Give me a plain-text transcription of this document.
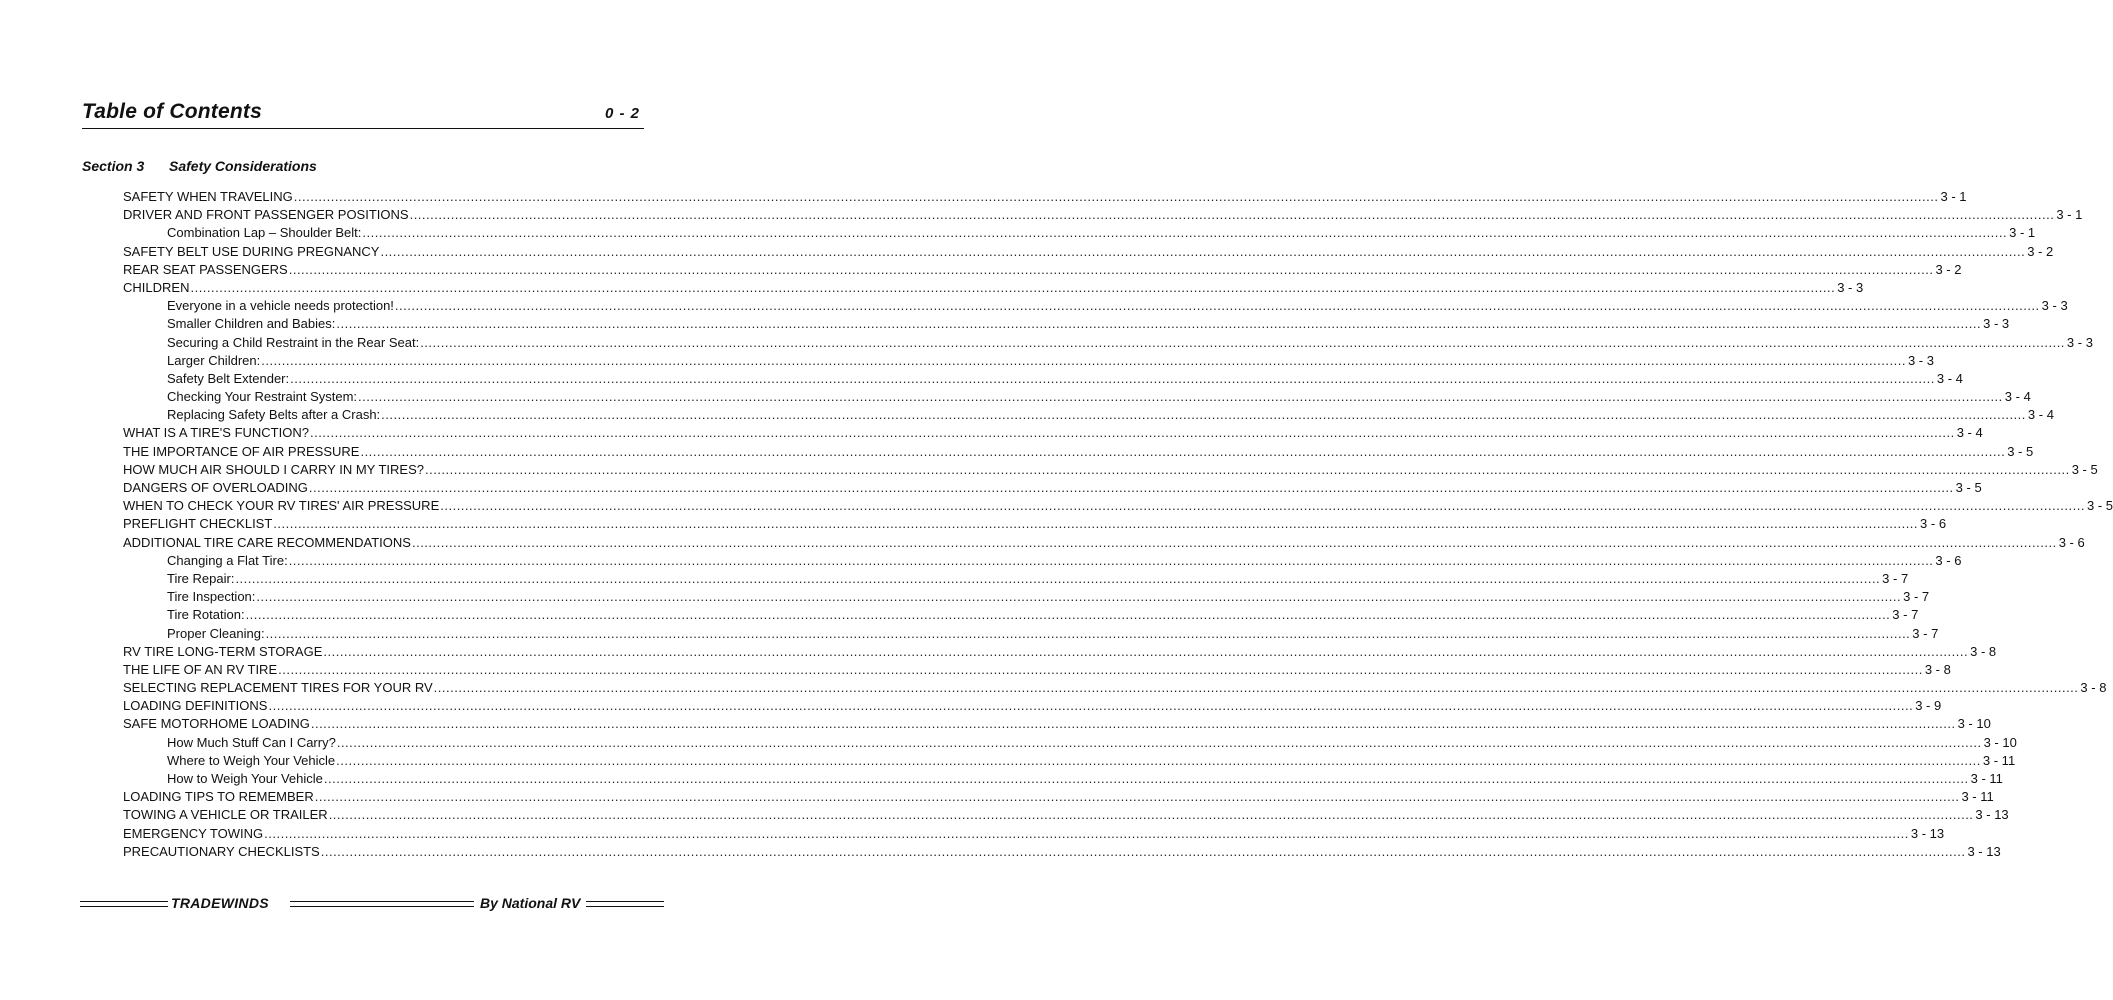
Table of Contents	0 - 2
Section 3 Safety Considerations
SAFETY WHEN TRAVELING ................................................................................................................................................................................................................................................................................................................................................................................................................ 3 - 1
DRIVER AND FRONT PASSENGER POSITIONS ................................................................................................................................................................................................................................................................................................................................................................................................................ 3 - 1
Combination Lap – Shoulder Belt: ................................................................................................................................................................................................................................................................................................................................................................................................................ 3 - 1
SAFETY BELT USE DURING PREGNANCY ................................................................................................................................................................................................................................................................................................................................................................................................................ 3 - 2
REAR SEAT PASSENGERS ................................................................................................................................................................................................................................................................................................................................................................................................................ 3 - 2
CHILDREN ................................................................................................................................................................................................................................................................................................................................................................................................................ 3 - 3
Everyone in a vehicle needs protection! ................................................................................................................................................................................................................................................................................................................................................................................................................ 3 - 3
Smaller Children and Babies: ................................................................................................................................................................................................................................................................................................................................................................................................................ 3 - 3
Securing a Child Restraint in the Rear Seat: ................................................................................................................................................................................................................................................................................................................................................................................................................ 3 - 3
Larger Children: ................................................................................................................................................................................................................................................................................................................................................................................................................ 3 - 3
Safety Belt Extender: ................................................................................................................................................................................................................................................................................................................................................................................................................ 3 - 4
Checking Your Restraint System: ................................................................................................................................................................................................................................................................................................................................................................................................................ 3 - 4
Replacing Safety Belts after a Crash: ................................................................................................................................................................................................................................................................................................................................................................................................................ 3 - 4
WHAT IS A TIRE'S FUNCTION? ................................................................................................................................................................................................................................................................................................................................................................................................................ 3 - 4
THE IMPORTANCE OF AIR PRESSURE ................................................................................................................................................................................................................................................................................................................................................................................................................ 3 - 5
HOW MUCH AIR SHOULD I CARRY IN MY TIRES? ................................................................................................................................................................................................................................................................................................................................................................................................................ 3 - 5
DANGERS OF OVERLOADING ................................................................................................................................................................................................................................................................................................................................................................................................................ 3 - 5
WHEN TO CHECK YOUR RV TIRES' AIR PRESSURE ................................................................................................................................................................................................................................................................................................................................................................................................................ 3 - 5
PREFLIGHT CHECKLIST ................................................................................................................................................................................................................................................................................................................................................................................................................ 3 - 6
ADDITIONAL TIRE CARE RECOMMENDATIONS ................................................................................................................................................................................................................................................................................................................................................................................................................ 3 - 6
Changing a Flat Tire: ................................................................................................................................................................................................................................................................................................................................................................................................................ 3 - 6
Tire Repair: ................................................................................................................................................................................................................................................................................................................................................................................................................ 3 - 7
Tire Inspection: ................................................................................................................................................................................................................................................................................................................................................................................................................ 3 - 7
Tire Rotation: ................................................................................................................................................................................................................................................................................................................................................................................................................ 3 - 7
Proper Cleaning: ................................................................................................................................................................................................................................................................................................................................................................................................................ 3 - 7
RV TIRE LONG-TERM STORAGE ................................................................................................................................................................................................................................................................................................................................................................................................................ 3 - 8
THE LIFE OF AN RV TIRE ................................................................................................................................................................................................................................................................................................................................................................................................................ 3 - 8
SELECTING REPLACEMENT TIRES FOR YOUR RV ................................................................................................................................................................................................................................................................................................................................................................................................................ 3 - 8
LOADING DEFINITIONS ................................................................................................................................................................................................................................................................................................................................................................................................................ 3 - 9
SAFE MOTORHOME LOADING ................................................................................................................................................................................................................................................................................................................................................................................................................ 3 - 10
How Much Stuff Can I Carry? ................................................................................................................................................................................................................................................................................................................................................................................................................ 3 - 10
Where to Weigh Your Vehicle ................................................................................................................................................................................................................................................................................................................................................................................................................ 3 - 11
How to Weigh Your Vehicle ................................................................................................................................................................................................................................................................................................................................................................................................................ 3 - 11
LOADING TIPS TO REMEMBER ................................................................................................................................................................................................................................................................................................................................................................................................................ 3 - 11
TOWING A VEHICLE OR TRAILER ................................................................................................................................................................................................................................................................................................................................................................................................................ 3 - 13
EMERGENCY TOWING ................................................................................................................................................................................................................................................................................................................................................................................................................ 3 - 13
PRECAUTIONARY CHECKLISTS ................................................................................................................................................................................................................................................................................................................................................................................................................ 3 - 13
TRADEWINDS	By National RV
